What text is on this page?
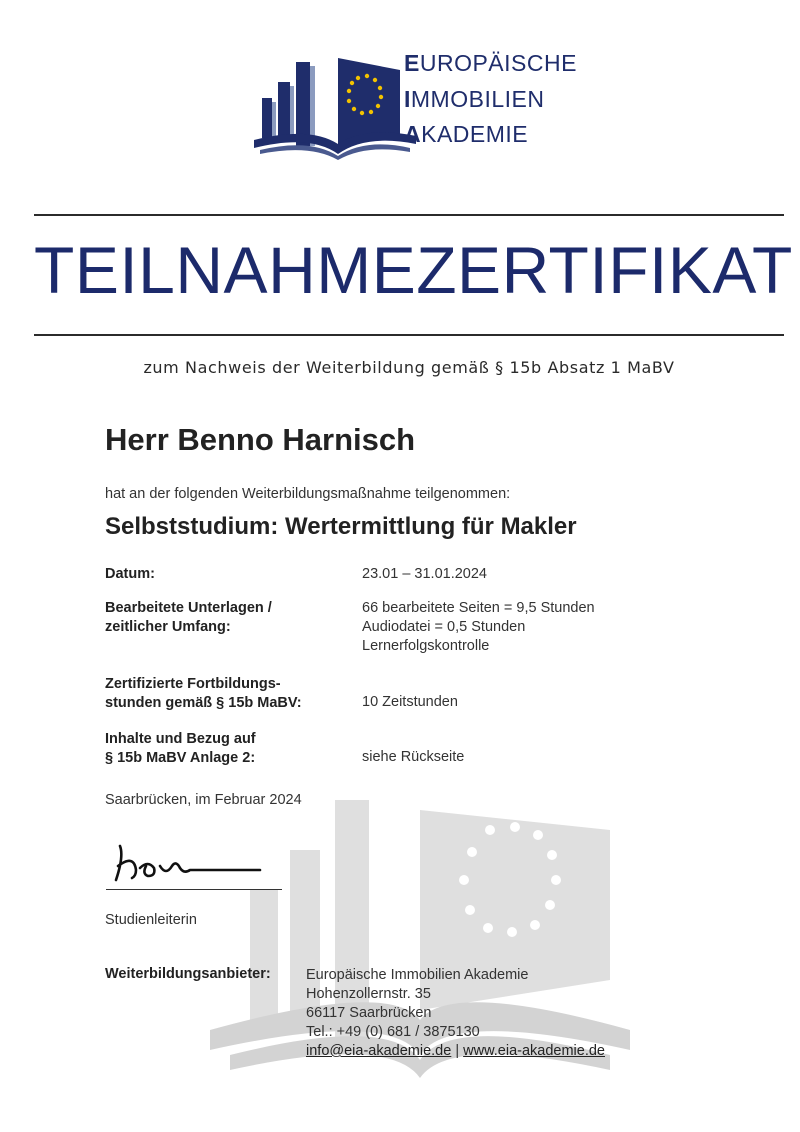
EUROPÄISCHE
IMMOBILIEN
AKADEMIE
TEILNAHMEZERTIFIKAT
zum Nachweis der Weiterbildung gemäß § 15b Absatz 1 MaBV
Herr Benno Harnisch
hat an der folgenden Weiterbildungsmaßnahme teilgenommen:
Selbststudium: Wertermittlung für Makler
Datum:	23.01 – 31.01.2024
Bearbeitete Unterlagen /
zeitlicher Umfang:
66 bearbeitete Seiten = 9,5 Stunden
Audiodatei = 0,5 Stunden
Lernerfolgskontrolle
Zertifizierte Fortbildungs-
stunden gemäß § 15b MaBV:	10 Zeitstunden
Inhalte und Bezug auf
§ 15b MaBV Anlage 2:	siehe Rückseite
Saarbrücken, im Februar 2024
Studienleiterin
Weiterbildungsanbieter: Europäische Immobilien Akademie
Hohenzollernstr. 35
66117 Saarbrücken
Tel.: +49 (0) 681 / 3875130
info@eia-akademie.de | www.eia-akademie.de
